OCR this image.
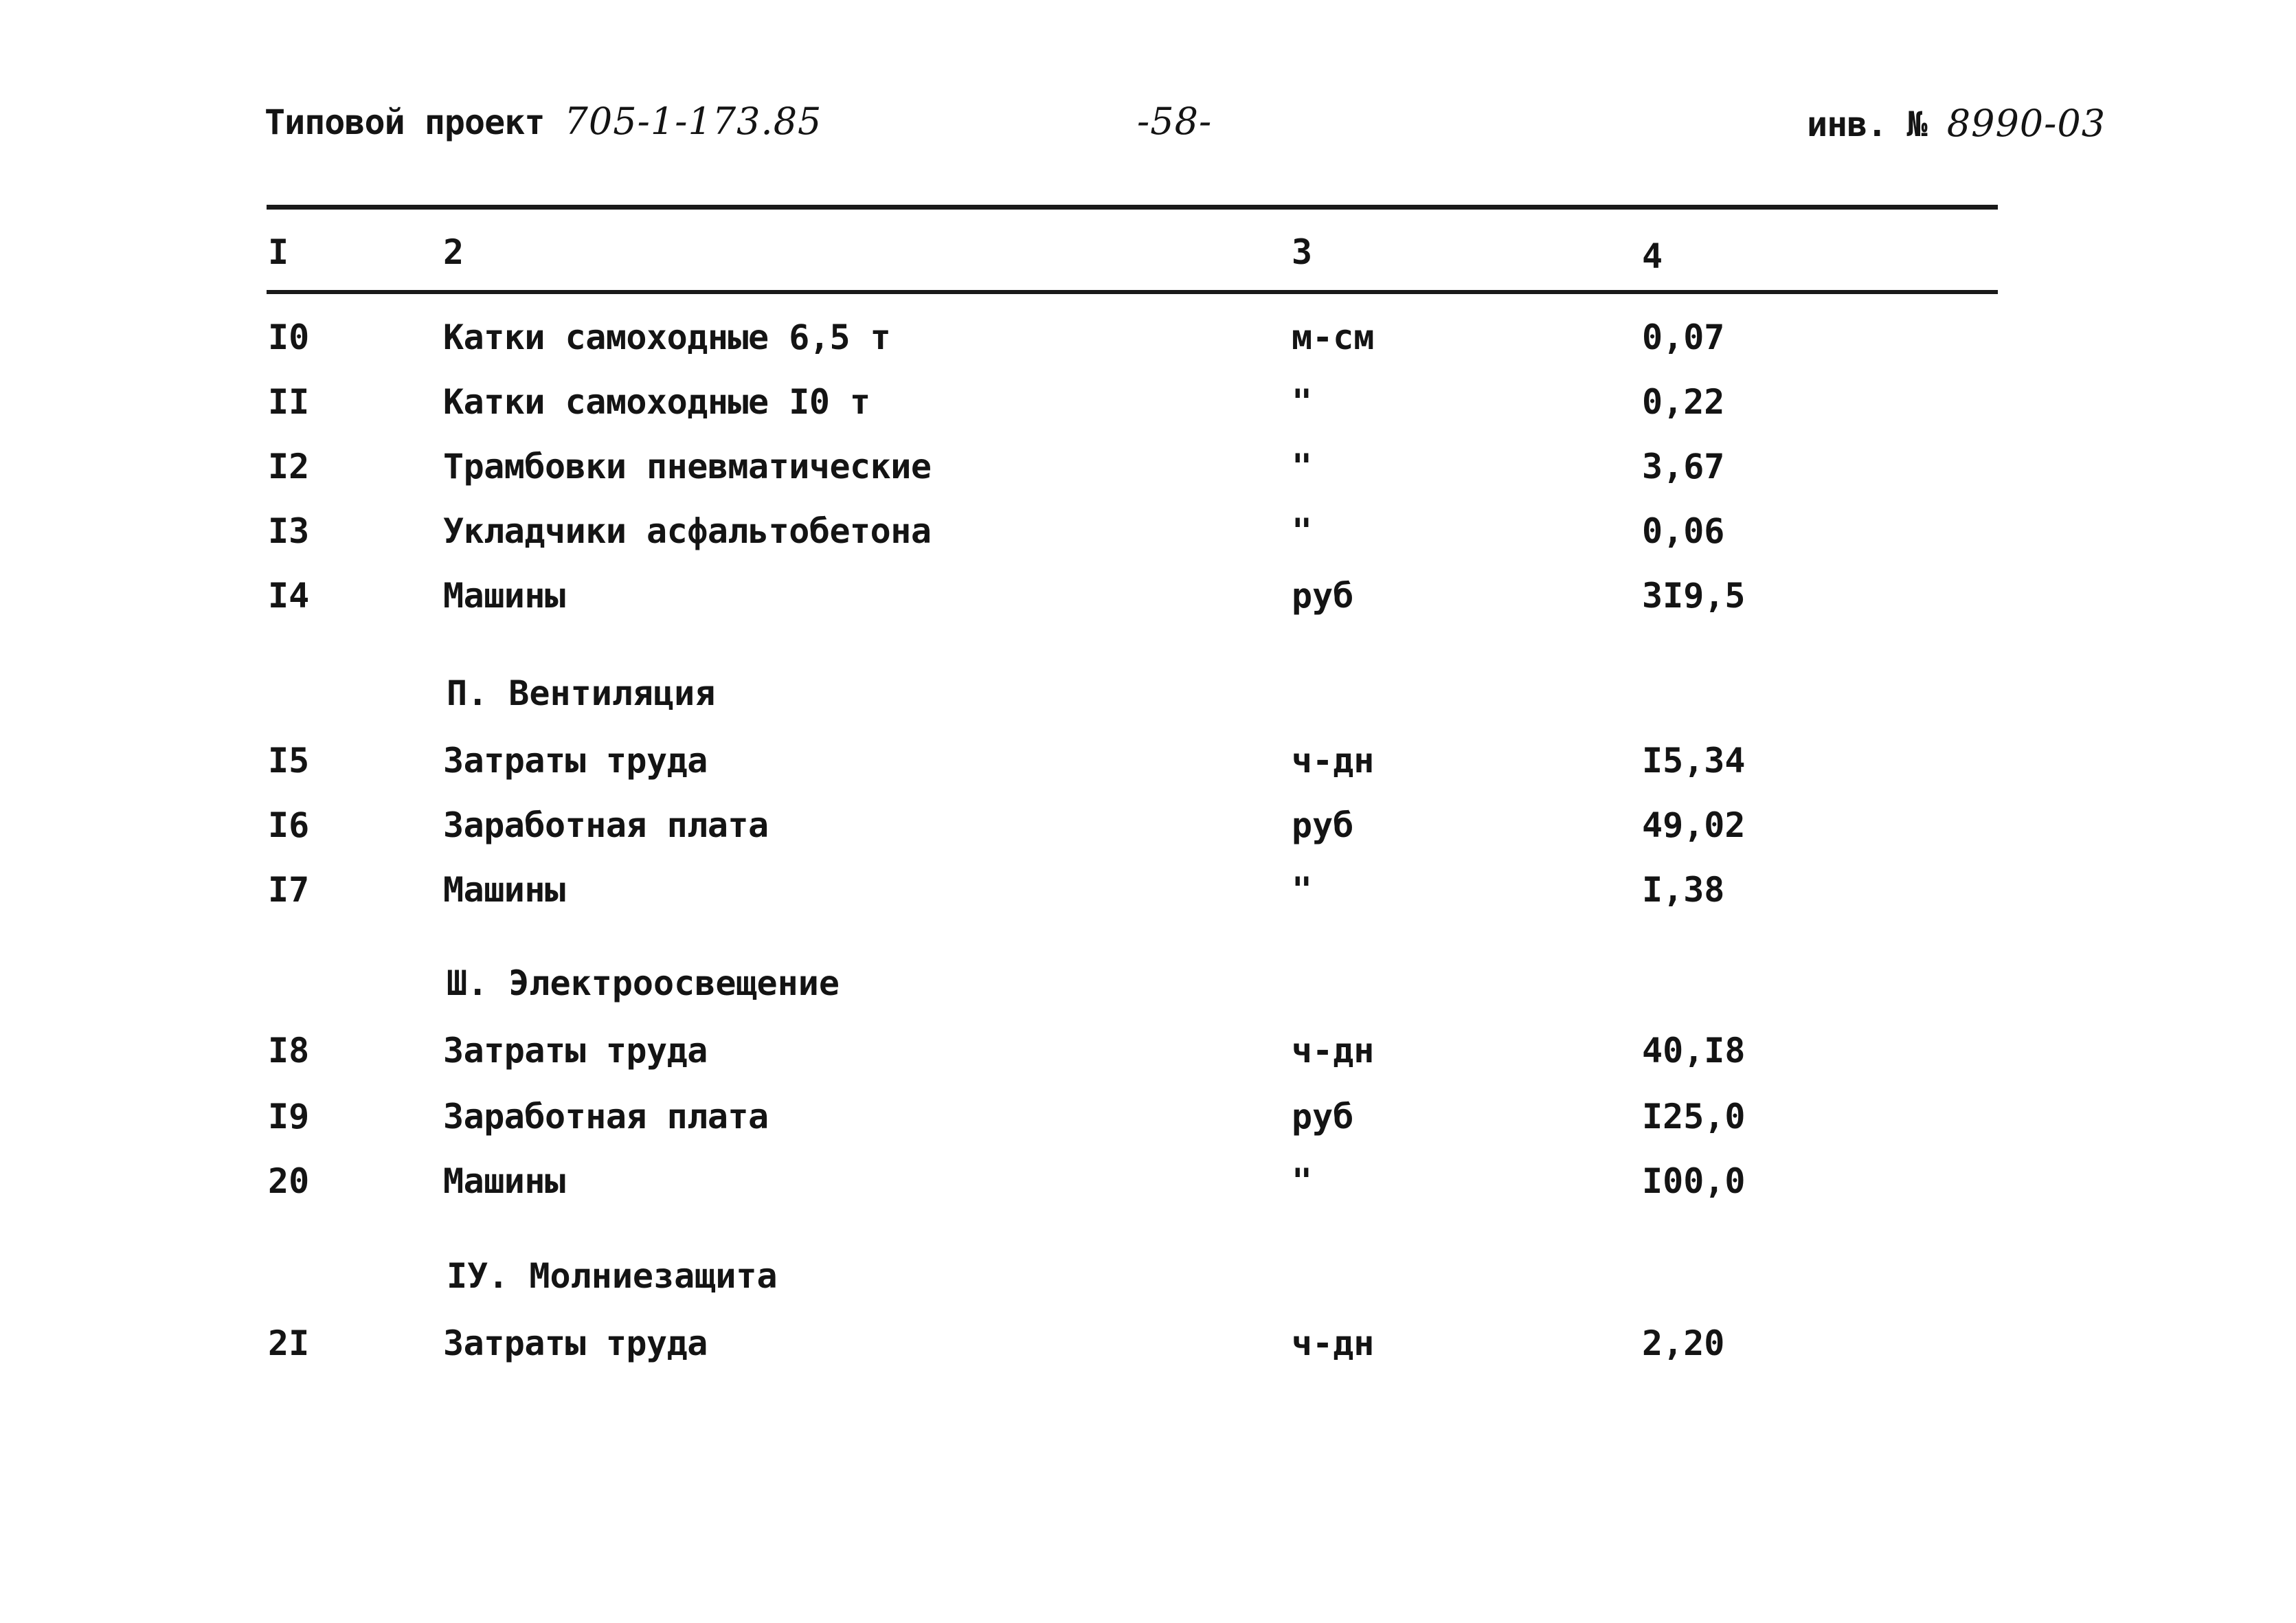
Типовой проект 705-1-173.85	-58-	инв. № 8990-03
I	2	3	4
I0	Катки самоходные 6,5 т	м-см	0,07
II	Катки самоходные I0 т	"	0,22
I2	Трамбовки пневматические	"	3,67
I3	Укладчики асфальтобетона	"	0,06
I4	Машины	руб	3I9,5
П. Вентиляция
I5	Затраты труда	ч-дн	I5,34
I6	Заработная плата	руб	49,02
I7	Машины	"	I,38
Ш. Электроосвещение
I8	Затраты труда	ч-дн	40,I8
I9	Заработная плата	руб	I25,0
20	Машины	"	I00,0
IУ. Молниезащита
2I	Затраты труда	ч-дн	2,20
